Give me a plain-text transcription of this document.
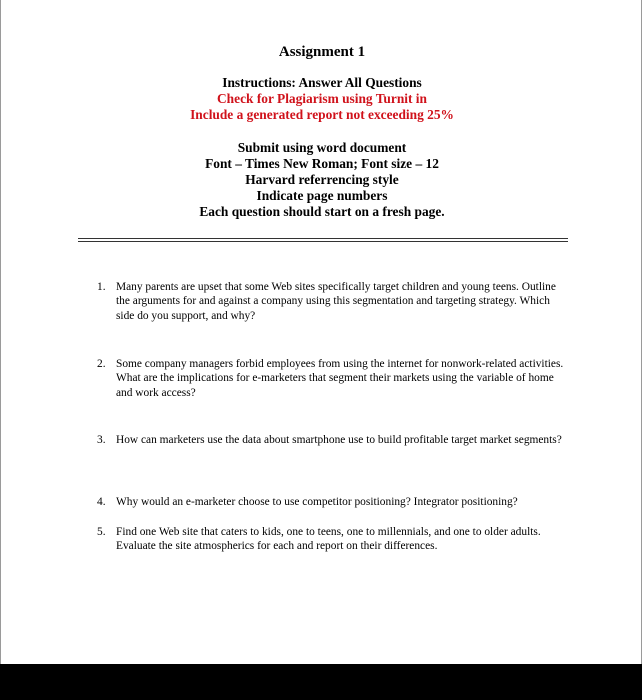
Assignment 1
Instructions: Answer All Questions
Check for Plagiarism using Turnit in
Include a generated report not exceeding 25%
Submit using word document
Font – Times New Roman; Font size – 12
Harvard referrencing style
Indicate page numbers
Each question should start on a fresh page.
1. Many parents are upset that some Web sites specifically target children and young teens. Outline the arguments for and against a company using this segmentation and targeting strategy. Which side do you support, and why?
2. Some company managers forbid employees from using the internet for nonwork-related activities. What are the implications for e-marketers that segment their markets using the variable of home and work access?
3. How can marketers use the data about smartphone use to build profitable target market segments?
4. Why would an e-marketer choose to use competitor positioning? Integrator positioning?
5. Find one Web site that caters to kids, one to teens, one to millennials, and one to older adults. Evaluate the site atmospherics for each and report on their differences.
